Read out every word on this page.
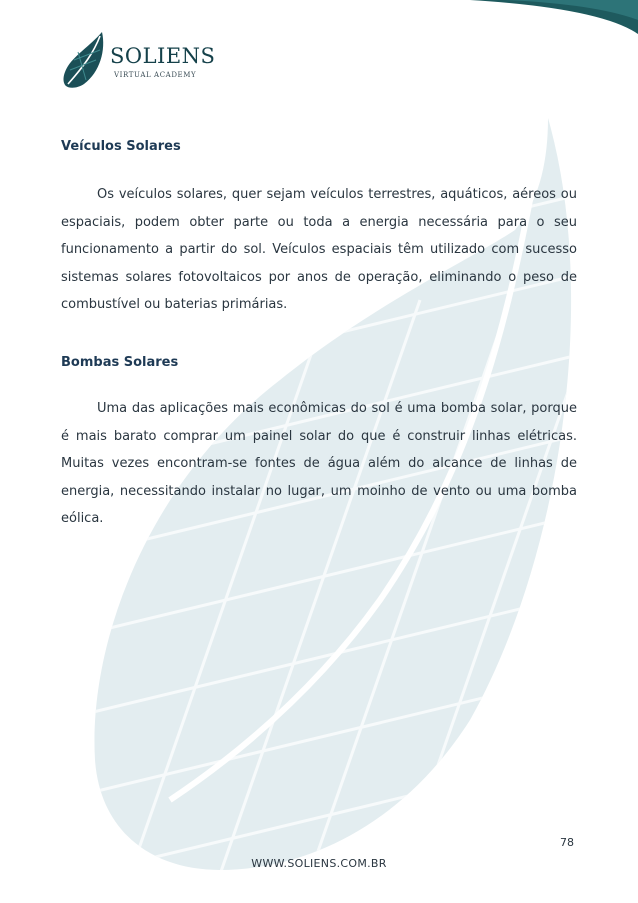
SOLIENS
VIRTUAL ACADEMY
Veículos Solares

Os veículos solares, quer sejam veículos terrestres, aquáticos, aéreos ou espaciais, podem obter parte ou toda a energia necessária para o seu funcionamento a partir do sol. Veículos espaciais têm utilizado com sucesso sistemas solares fotovoltaicos por anos de operação, eliminando o peso de combustível ou baterias primárias.

Bombas Solares

Uma das aplicações mais econômicas do sol é uma bomba solar, porque é mais barato comprar um painel solar do que é construir linhas elétricas. Muitas vezes encontram-se fontes de água além do alcance de linhas de energia, necessitando instalar no lugar, um moinho de vento ou uma bomba eólica.

78
WWW.SOLIENS.COM.BR
